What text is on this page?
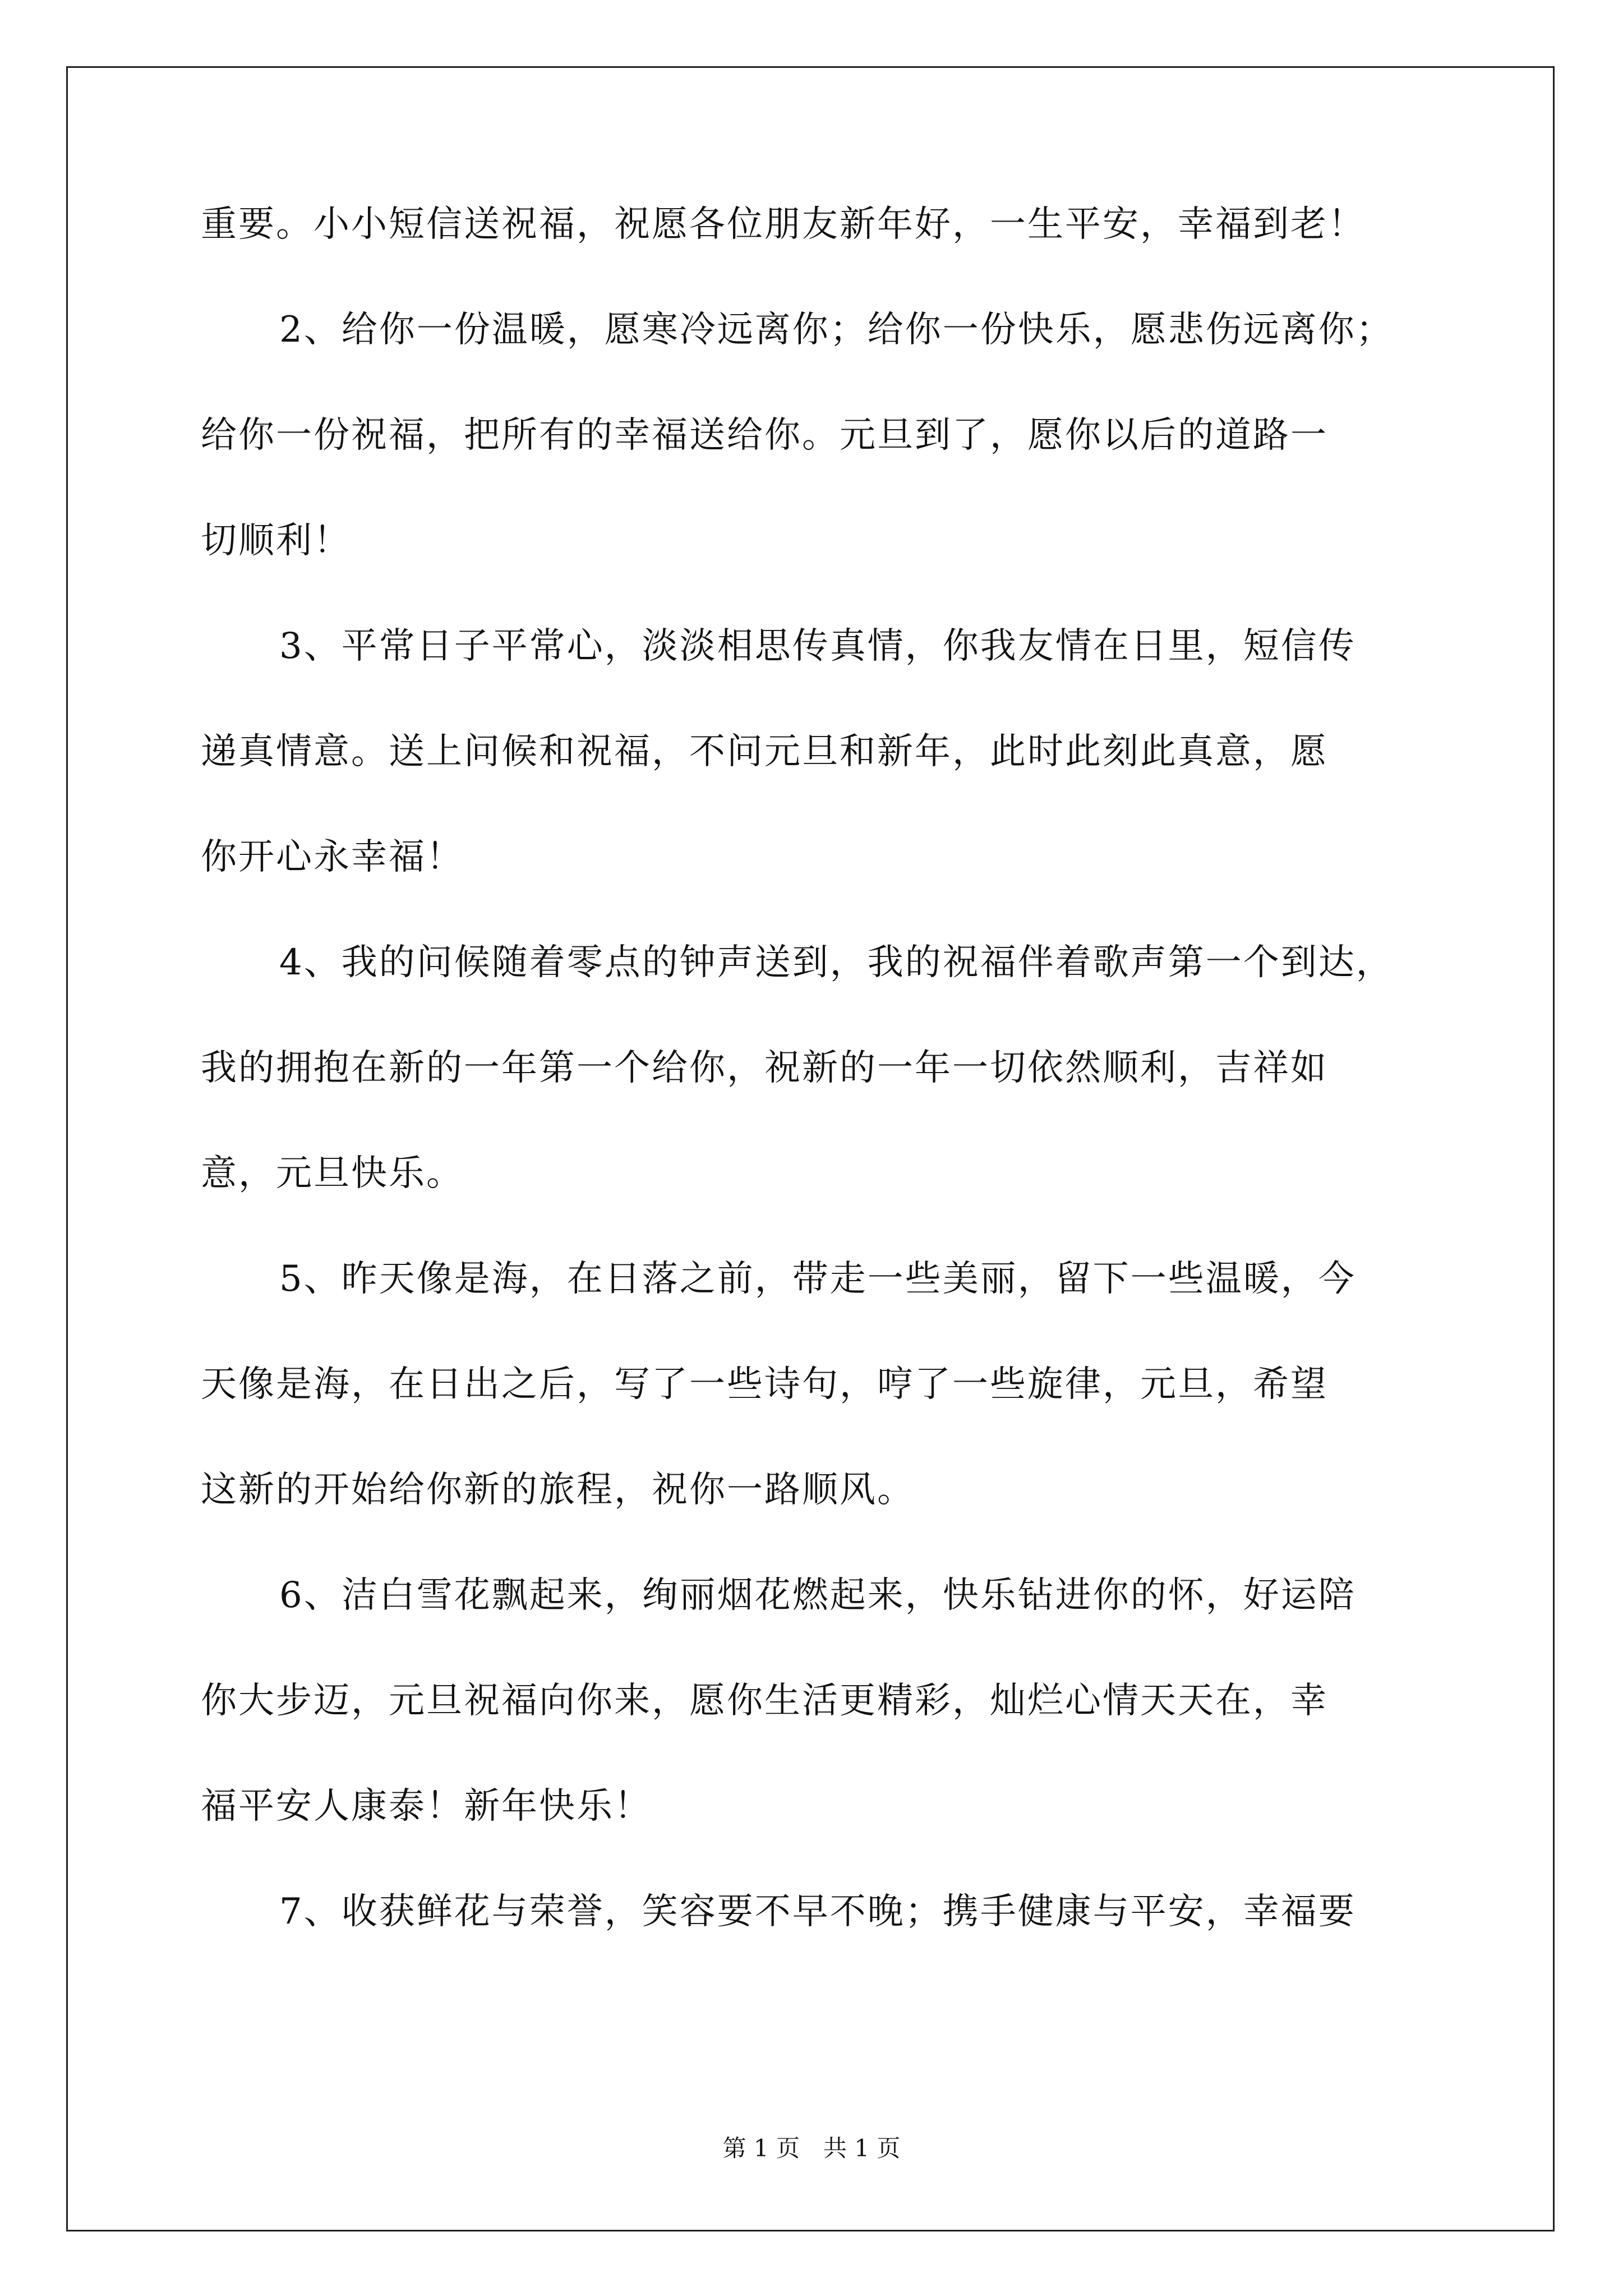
重要。小小短信送祝福，祝愿各位朋友新年好，一生平安，幸福到老！
2、给你一份温暖，愿寒冷远离你；给你一份快乐，愿悲伤远离你；
给你一份祝福，把所有的幸福送给你。元旦到了，愿你以后的道路一
切顺利！
3、平常日子平常心，淡淡相思传真情，你我友情在日里，短信传
递真情意。送上问候和祝福，不问元旦和新年，此时此刻此真意，愿
你开心永幸福！
4、我的问候随着零点的钟声送到，我的祝福伴着歌声第一个到达，
我的拥抱在新的一年第一个给你，祝新的一年一切依然顺利，吉祥如
意，元旦快乐。
5、昨天像是海，在日落之前，带走一些美丽，留下一些温暖，今
天像是海，在日出之后，写了一些诗句，哼了一些旋律，元旦，希望
这新的开始给你新的旅程，祝你一路顺风。
6、洁白雪花飘起来，绚丽烟花燃起来，快乐钻进你的怀，好运陪
你大步迈，元旦祝福向你来，愿你生活更精彩，灿烂心情天天在，幸
福平安人康泰！新年快乐！
7、收获鲜花与荣誉，笑容要不早不晚；携手健康与平安，幸福要
第 1 页　共 1 页
